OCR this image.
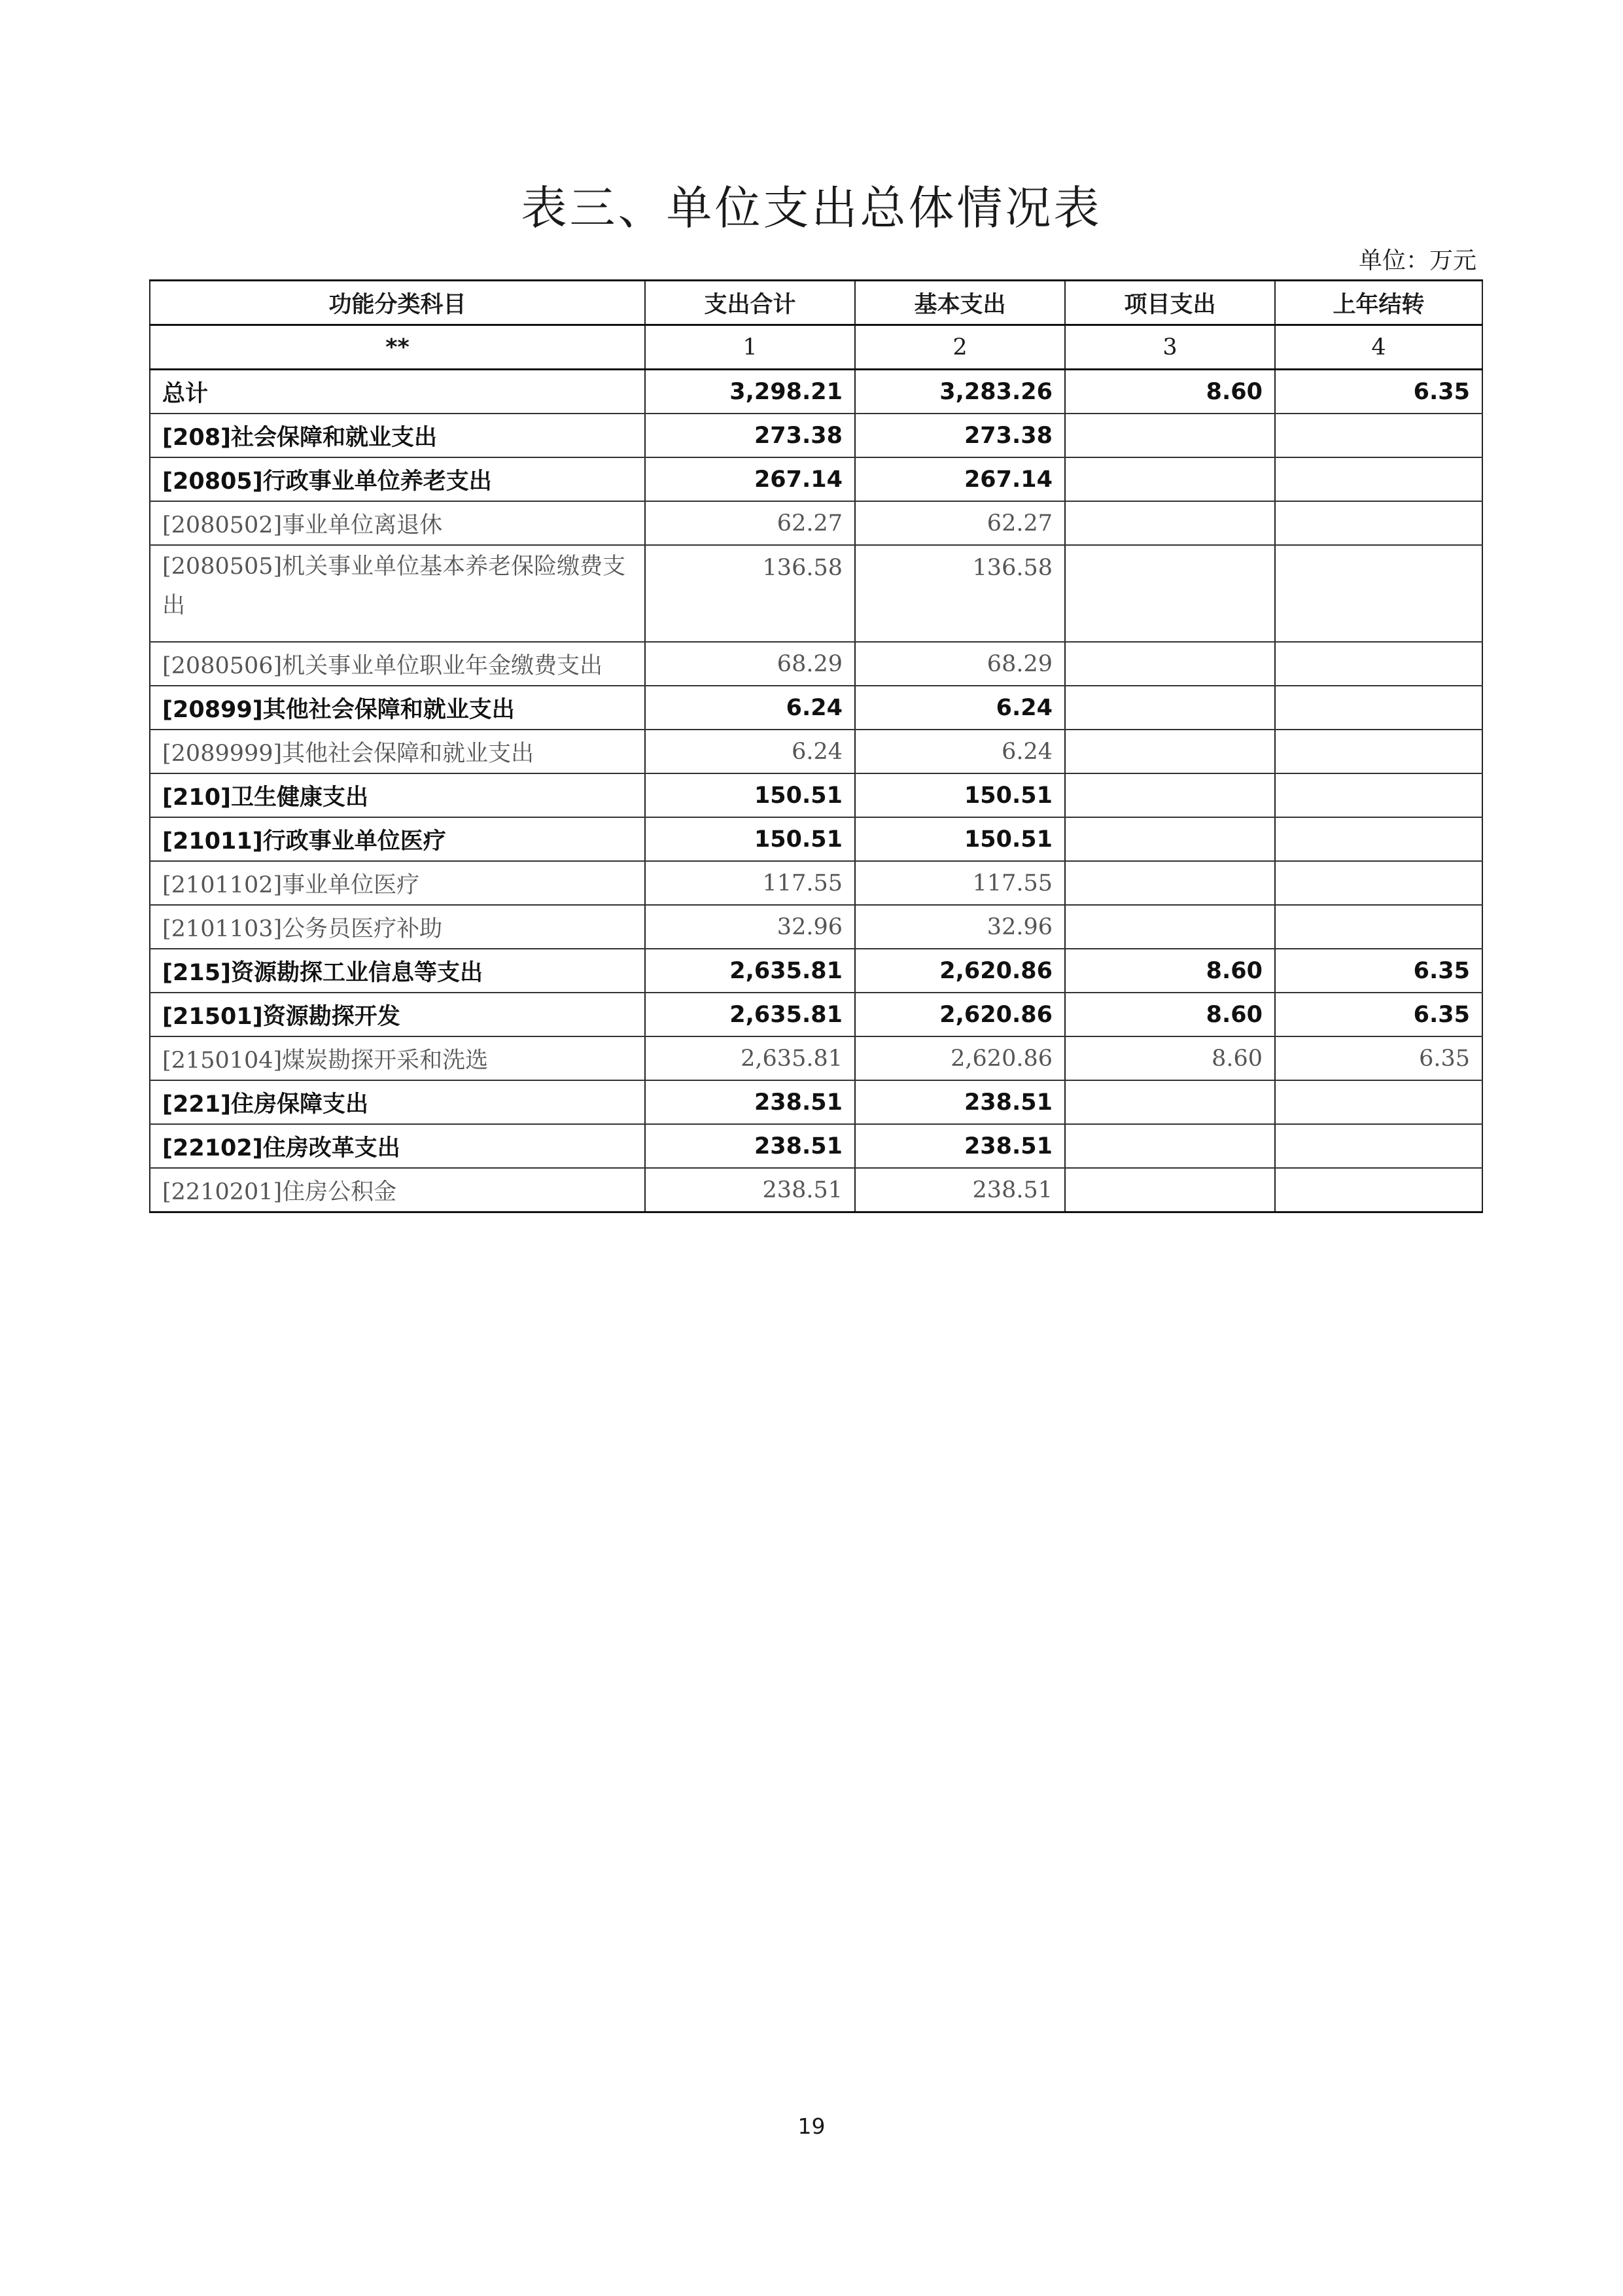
表三、单位支出总体情况表
单位：万元
功能分类科目	支出合计	基本支出	项目支出	上年结转
**	1	2	3	4
总计	3,298.21	3,283.26	8.60	6.35
[208]社会保障和就业支出	273.38	273.38		
[20805]行政事业单位养老支出	267.14	267.14		
[2080502]事业单位离退休	62.27	62.27		
[2080505]机关事业单位基本养老保险缴费支出	136.58	136.58		
[2080506]机关事业单位职业年金缴费支出	68.29	68.29		
[20899]其他社会保障和就业支出	6.24	6.24		
[2089999]其他社会保障和就业支出	6.24	6.24		
[210]卫生健康支出	150.51	150.51		
[21011]行政事业单位医疗	150.51	150.51		
[2101102]事业单位医疗	117.55	117.55		
[2101103]公务员医疗补助	32.96	32.96		
[215]资源勘探工业信息等支出	2,635.81	2,620.86	8.60	6.35
[21501]资源勘探开发	2,635.81	2,620.86	8.60	6.35
[2150104]煤炭勘探开采和洗选	2,635.81	2,620.86	8.60	6.35
[221]住房保障支出	238.51	238.51		
[22102]住房改革支出	238.51	238.51		
[2210201]住房公积金	238.51	238.51		
19
